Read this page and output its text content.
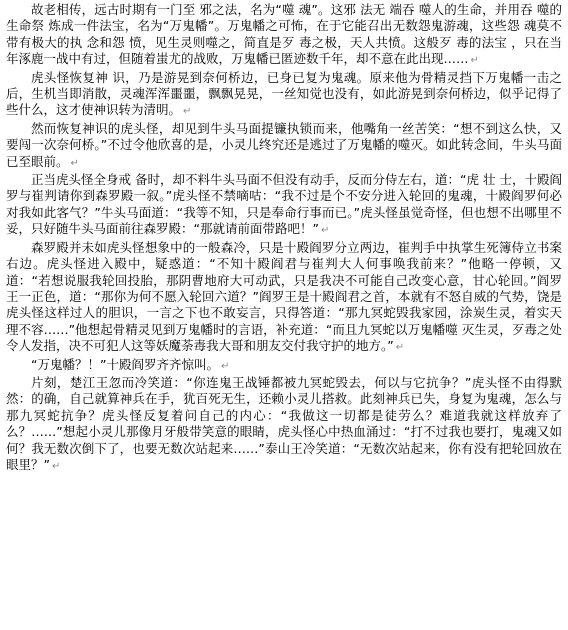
故老相传，远古时期有一门至 邪之法，名为“噬 魂”。这邪 法无 端吞 噬人的生命，并用吞 噬的生命祭 炼成一件法宝，名为“万鬼幡”。万鬼幡之可怖，在于它能召出无数怨鬼游魂，这些怨 魂莫不带有极大的执 念和怨 愤，见生灵则噬之，简直是歹 毒之极，天人共愤。这般歹 毒的法宝 ，只在当年涿鹿一战中有过，但随着蚩尤的战败，万鬼幡已匿迹数千年，却不意在此出现…… ↵

虎头怪恢复神 识，乃是游晃到奈何桥边，已身已复为鬼魂。原来他为骨精灵挡下万鬼幡一击之后，生机当即消散，灵魂浑浑噩噩，飘飘晃晃，一丝知觉也没有，如此游晃到奈何桥边，似乎记得了些什么，这才使神识转为清明。 ↵

然而恢复神识的虎头怪，却见到牛头马面提镰执锁而来，他嘴角一丝苦笑：“想不到这么快，又要闯一次奈何桥。”不过令他欣喜的是，小灵儿终究还是逃过了万鬼幡的噬灭。如此转念间，牛头马面已至眼前。 ↵

正当虎头怪全身戒 备时，却不料牛头马面不但没有动手，反而分侍左右，道：“虎 壮 士，十殿阎罗与崔判请你到森罗殿一叙。”虎头怪不禁嘀咕：“我不过是个不安分进入轮回的鬼魂，十殿阎罗何必对我如此客气？”牛头马面道：“我等不知，只是奉命行事而已。”虎头怪虽觉奇怪，但也想不出哪里不妥，只好随牛头马面前往森罗殿：“那就请前面带路吧！” ↵

森罗殿并未如虎头怪想象中的一般森冷，只是十殿阎罗分立两边，崔判手中执掌生死簿侍立书案右边。虎头怪进入殿中，疑惑道：“不知十殿阎君与崔判大人何事唤我前来？”他略一停顿，又道：“若想说服我轮回投胎，那阴曹地府大可动武，只是我决不可能自己改变心意，甘心轮回。”阎罗王一正色，道：“那你为何不愿入轮回六道？”阎罗王是十殿阎君之首，本就有不怒自威的气势，饶是虎头怪这样过人的胆识，一言之下也不敢妄言，只得答道：“那九冥蛇毁我家园，涂炭生灵，着实天理不容……”他想起骨精灵见到万鬼幡时的言语，补充道：“而且九冥蛇以万鬼幡噬 灭生灵，歹毒之处令人发指，决不可犯人这等妖魔荼毒我大哥和朋友交付我守护的地方。” ↵

“万鬼幡？！”十殿阎罗齐齐惊叫。 ↵

片刻，楚江王忽而冷笑道：“你连鬼王战锤都被九冥蛇毁去，何以与它抗争？”虎头怪不由得默然：的确，自己就算神兵在手，犹百死无生，还赖小灵儿搭救。此刻神兵已失，身复为鬼魂，怎么与那九冥蛇抗争？虎头怪反复着问自己的内心：“我做这一切都是徒劳么？难道我就这样放弃了么？……”想起小灵儿那像月牙般带笑意的眼睛，虎头怪心中热血涌过：“打不过我也要打，鬼魂又如何？我无数次倒下了，也要无数次站起来……”泰山王冷笑道：“无数次站起来，你有没有把轮回放在眼里？” ↵
